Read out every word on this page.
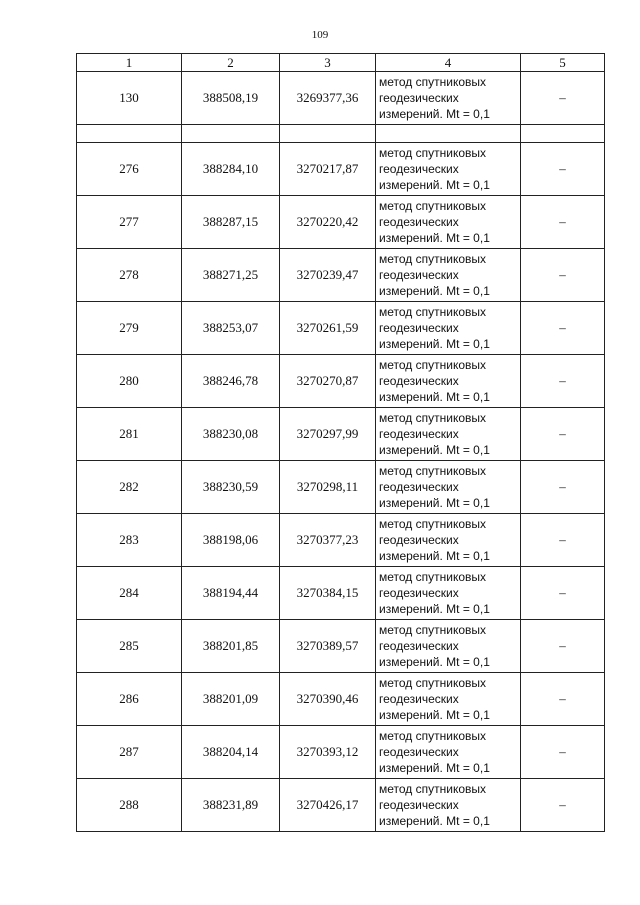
109
1	2	3	4	5
130	388508,19	3269377,36	метод спутниковых
геодезических
измерений. Mt = 0,1	–

276	388284,10	3270217,87	метод спутниковых
геодезических
измерений. Mt = 0,1	–
277	388287,15	3270220,42	метод спутниковых
геодезических
измерений. Mt = 0,1	–
278	388271,25	3270239,47	метод спутниковых
геодезических
измерений. Mt = 0,1	–
279	388253,07	3270261,59	метод спутниковых
геодезических
измерений. Mt = 0,1	–
280	388246,78	3270270,87	метод спутниковых
геодезических
измерений. Mt = 0,1	–
281	388230,08	3270297,99	метод спутниковых
геодезических
измерений. Mt = 0,1	–
282	388230,59	3270298,11	метод спутниковых
геодезических
измерений. Mt = 0,1	–
283	388198,06	3270377,23	метод спутниковых
геодезических
измерений. Mt = 0,1	–
284	388194,44	3270384,15	метод спутниковых
геодезических
измерений. Mt = 0,1	–
285	388201,85	3270389,57	метод спутниковых
геодезических
измерений. Mt = 0,1	–
286	388201,09	3270390,46	метод спутниковых
геодезических
измерений. Mt = 0,1	–
287	388204,14	3270393,12	метод спутниковых
геодезических
измерений. Mt = 0,1	–
288	388231,89	3270426,17	метод спутниковых
геодезических
измерений. Mt = 0,1	–
